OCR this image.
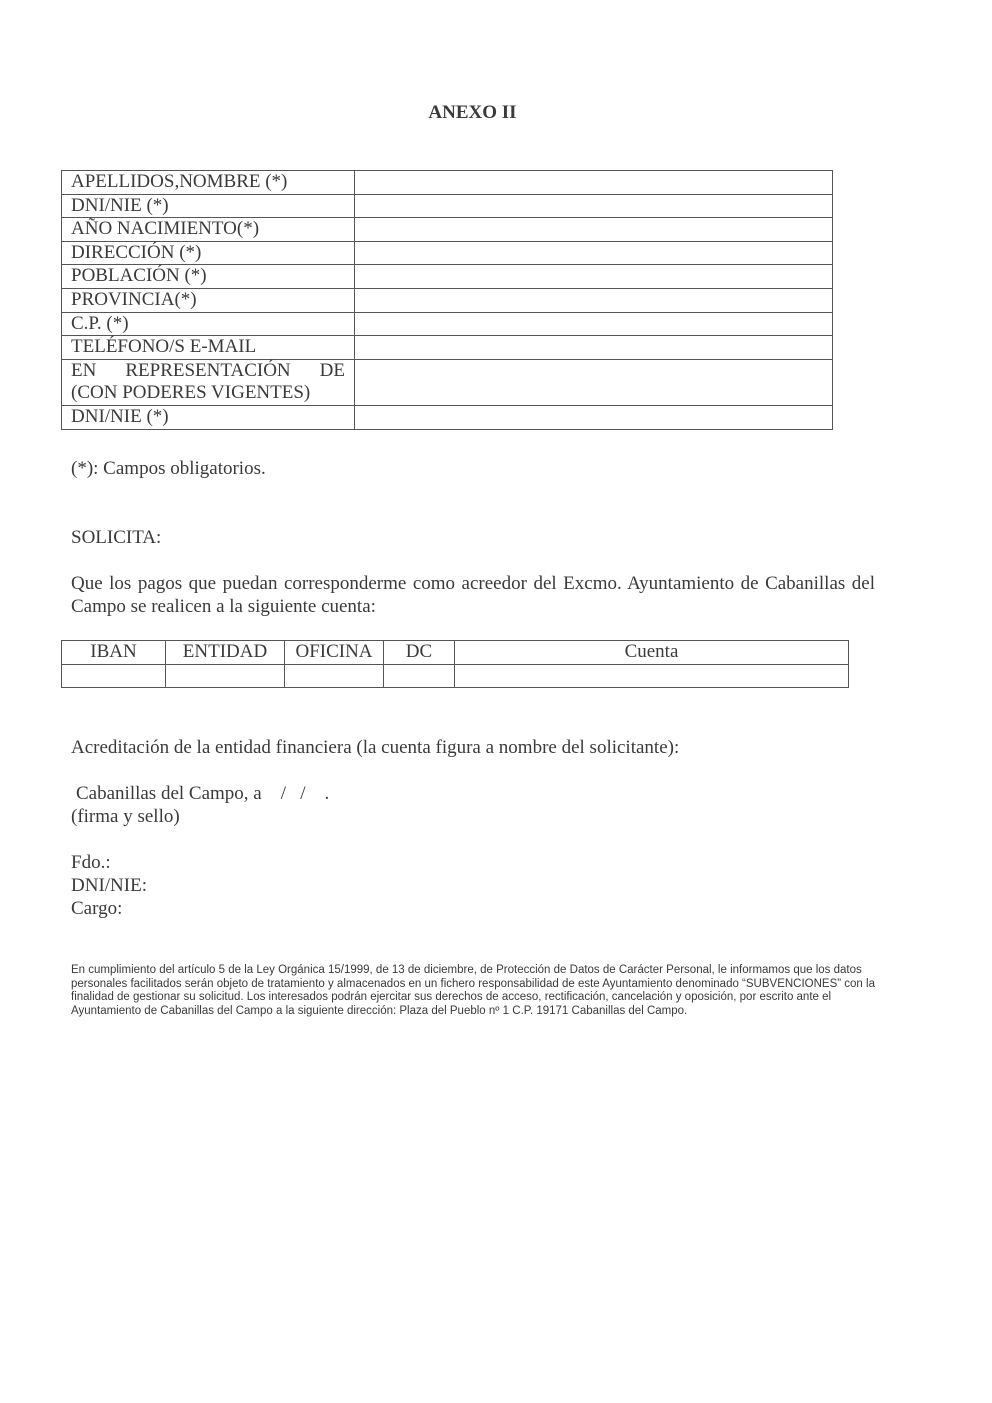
ANEXO II
APELLIDOS,NOMBRE (*)	
DNI/NIE (*)	
AÑO NACIMIENTO(*)	
DIRECCIÓN (*)	
POBLACIÓN (*)	
PROVINCIA(*)	
C.P. (*)	
TELÉFONO/S E-MAIL	
EN REPRESENTACIÓN DE (CON PODERES VIGENTES)	
DNI/NIE (*)	
(*): Campos obligatorios.
SOLICITA:
Que los pagos que puedan corresponderme como acreedor del Excmo. Ayuntamiento de Cabanillas del Campo se realicen a la siguiente cuenta:
IBAN	ENTIDAD	OFICINA	DC	Cuenta

Acreditación de la entidad financiera (la cuenta figura a nombre del solicitante):
Cabanillas del Campo, a    /   /    .
(firma y sello)
Fdo.:
DNI/NIE:
Cargo:
En cumplimiento del artículo 5 de la Ley Orgánica 15/1999, de 13 de diciembre, de Protección de Datos de Carácter Personal, le informamos que los datos personales facilitados serán objeto de tratamiento y almacenados en un fichero responsabilidad de este Ayuntamiento denominado “SUBVENCIONES” con la finalidad de gestionar su solicitud. Los interesados podrán ejercitar sus derechos de acceso, rectificación, cancelación y oposición, por escrito ante el Ayuntamiento de Cabanillas del Campo a la siguiente dirección: Plaza del Pueblo nº 1 C.P. 19171 Cabanillas del Campo.
